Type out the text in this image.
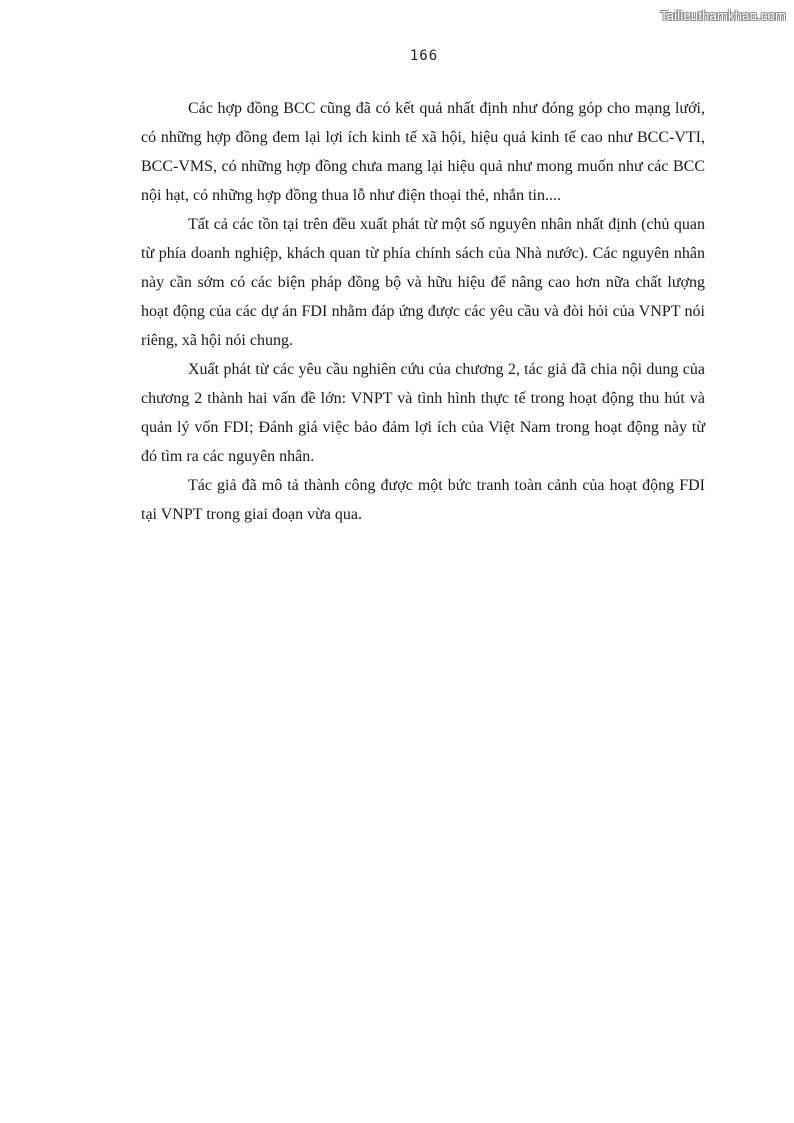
Tailieuthamkhao.com
166

Các hợp đồng BCC cũng đã có kết quả nhất định như đóng góp cho mạng lưới, có những hợp đồng đem lại lợi ích kinh tế xã hội, hiệu quả kinh tế cao như BCC-VTI, BCC-VMS, có những hợp đồng chưa mang lại hiệu quả như mong muốn như các BCC nội hạt, có những hợp đồng thua lỗ như điện thoại thẻ, nhắn tin....

Tất cả các tồn tại trên đều xuất phát từ một số nguyên nhân nhất định (chủ quan từ phía doanh nghiệp, khách quan từ phía chính sách của Nhà nước). Các nguyên nhân này cần sớm có các biện pháp đồng bộ và hữu hiệu để nâng cao hơn nữa chất lượng hoạt động của các dự án FDI nhằm đáp ứng được các yêu cầu và đòi hỏi của VNPT nói riêng, xã hội nói chung.

Xuất phát từ các yêu cầu nghiên cứu của chương 2, tác giả đã chia nội dung của chương 2 thành hai vấn đề lớn: VNPT và tình hình thực tế trong hoạt động thu hút và quản lý vốn FDI; Đánh giá việc bảo đảm lợi ích của Việt Nam trong hoạt động này từ đó tìm ra các nguyên nhân.

Tác giả đã mô tả thành công được một bức tranh toàn cảnh của hoạt động FDI tại VNPT trong giai đoạn vừa qua.
